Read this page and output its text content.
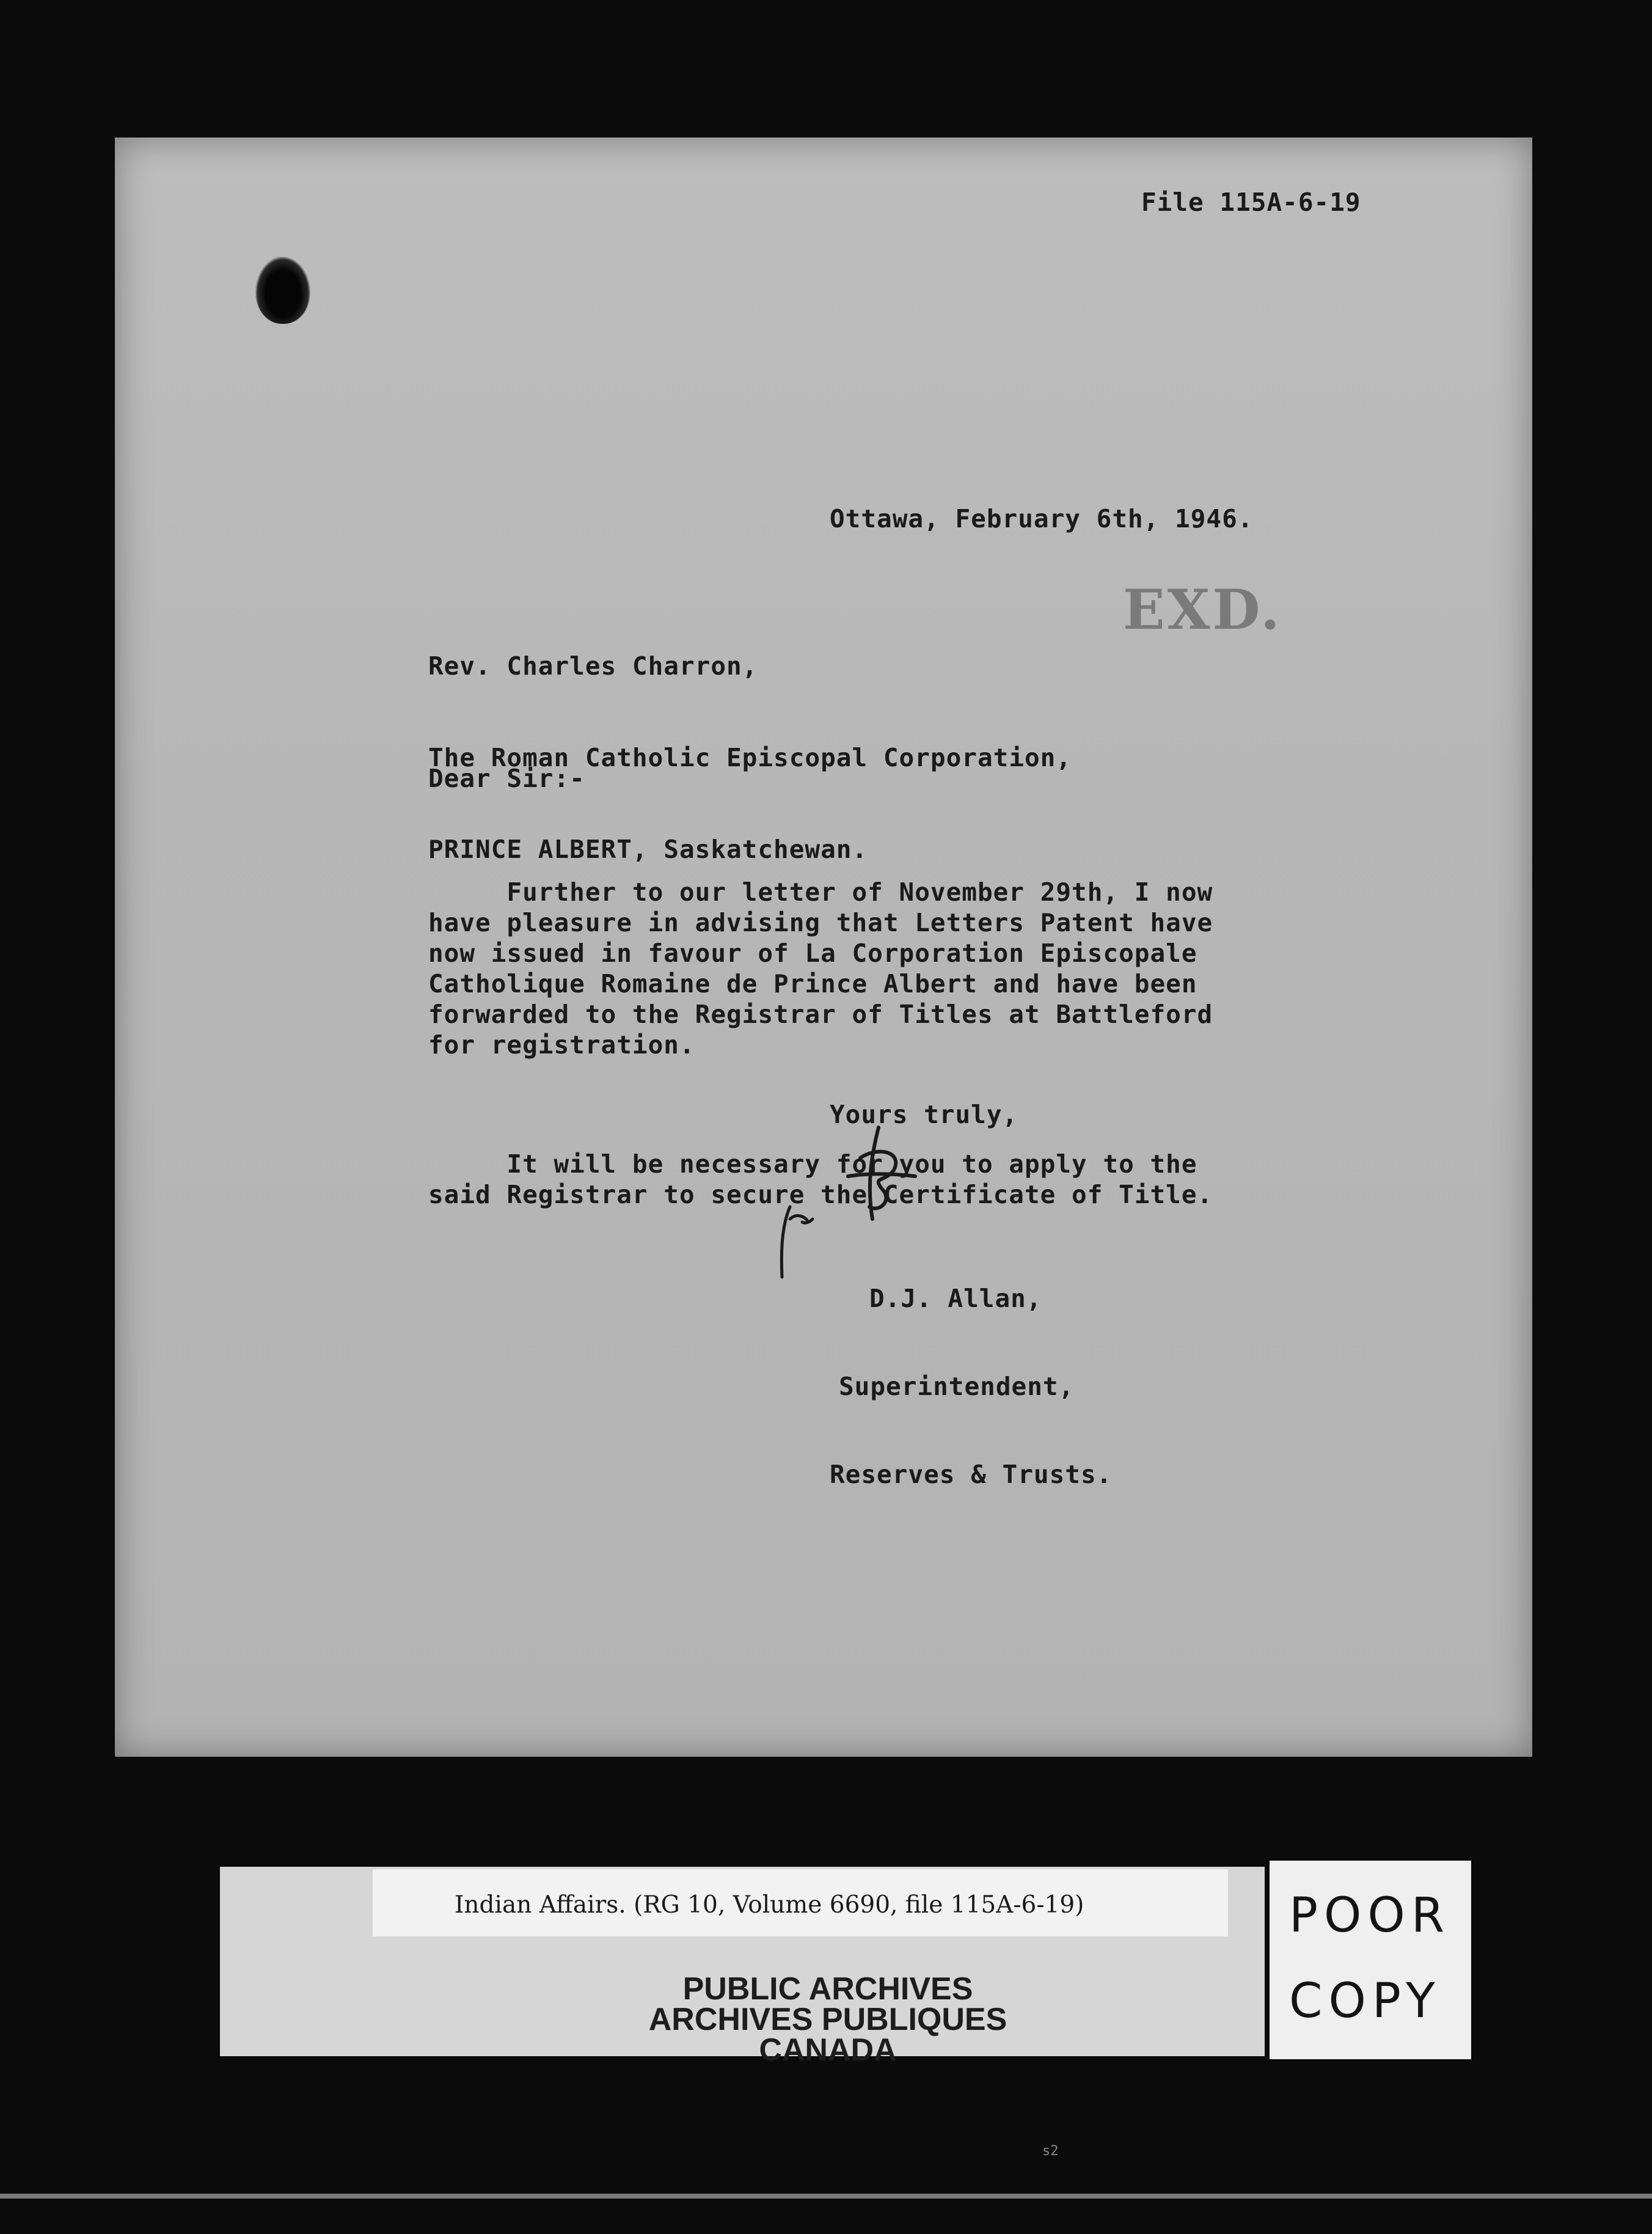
File 115A-6-19
Ottawa, February 6th, 1946.
EXD.

Rev. Charles Charron,

The Roman Catholic Episcopal Corporation,

PRINCE ALBERT, Saskatchewan.

Dear Sir:-

Further to our letter of November 29th, I now
have pleasure in advising that Letters Patent have
now issued in favour of La Corporation Episcopale
Catholique Romaine de Prince Albert and have been
forwarded to the Registrar of Titles at Battleford
for registration.

It will be necessary for you to apply to the
said Registrar to secure the Certificate of Title.

Yours truly,

D.J. Allan,

Superintendent,

Reserves & Trusts.

Indian Affairs. (RG 10, Volume 6690, file 115A-6-19)
PUBLIC ARCHIVES
ARCHIVES PUBLIQUES
CANADA
POOR
COPY
s2
